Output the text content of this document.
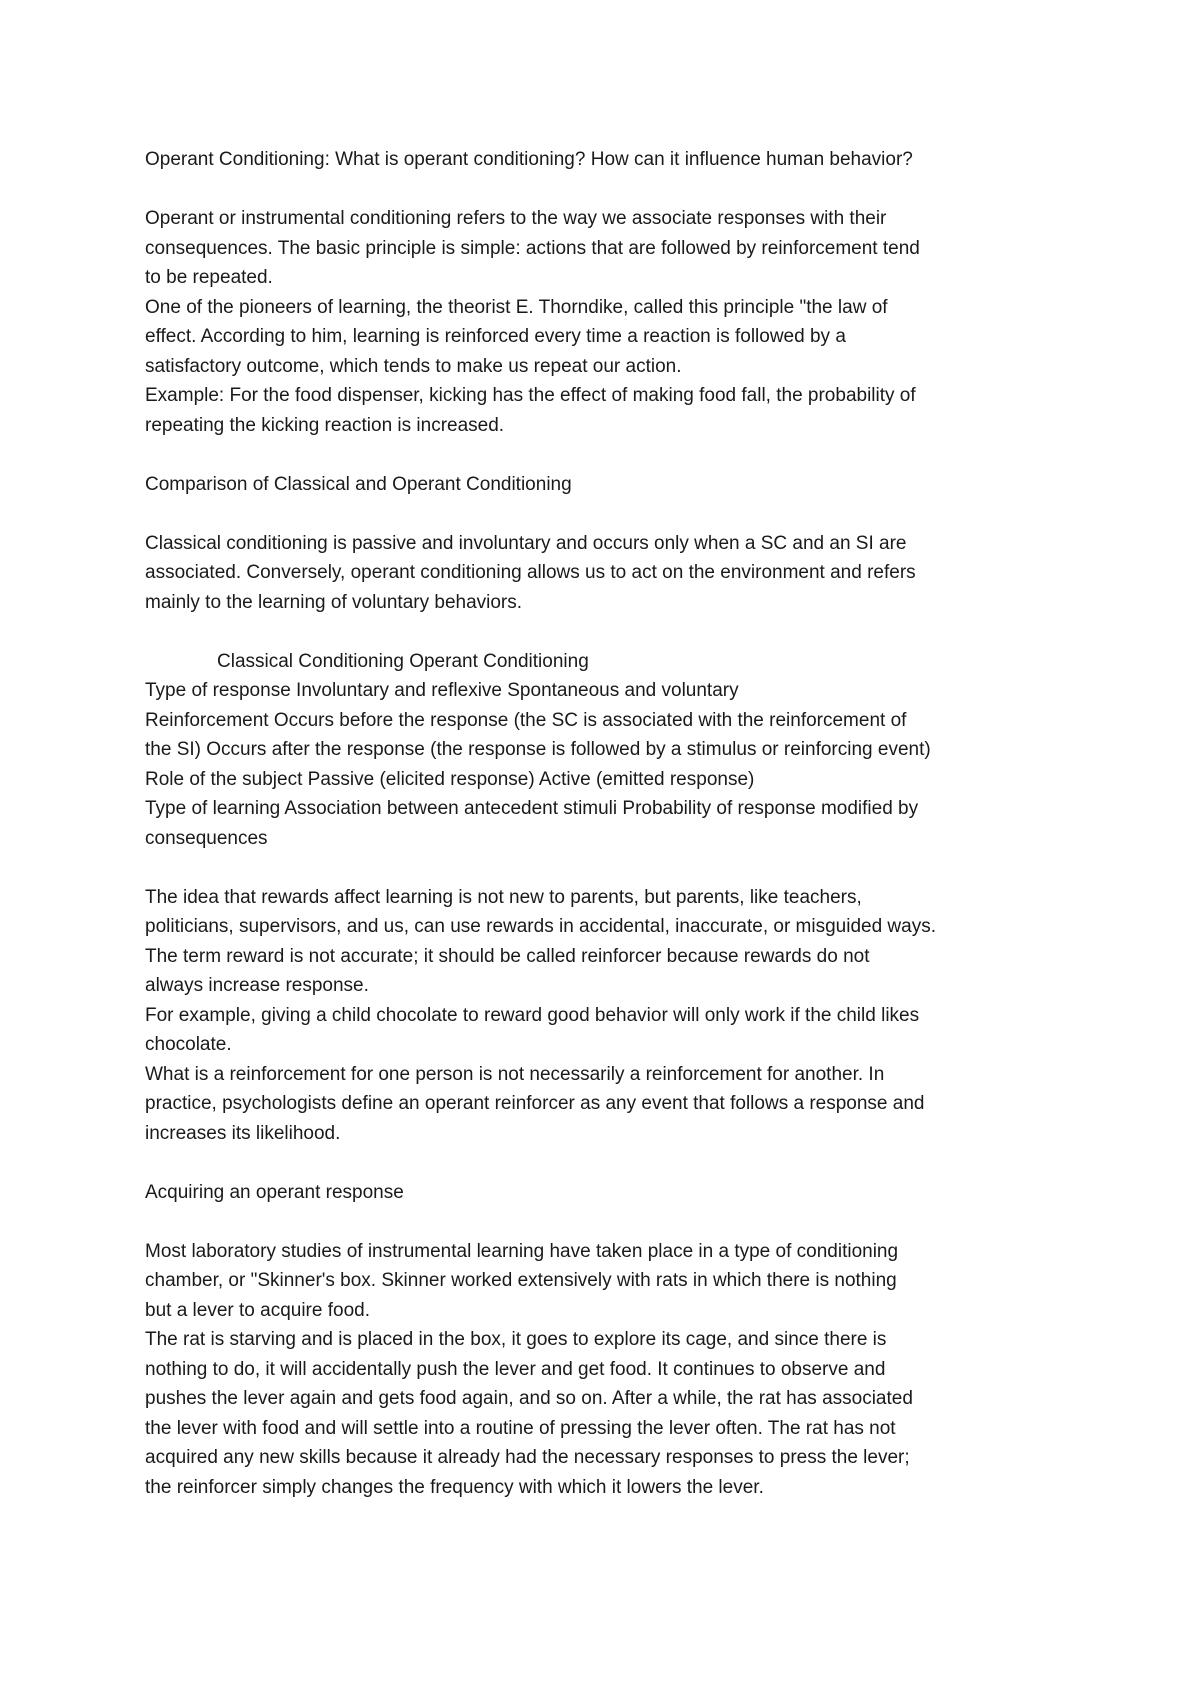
Operant Conditioning: What is operant conditioning? How can it influence human behavior?
Operant or instrumental conditioning refers to the way we associate responses with their
consequences. The basic principle is simple: actions that are followed by reinforcement tend
to be repeated.
One of the pioneers of learning, the theorist E. Thorndike, called this principle "the law of
effect. According to him, learning is reinforced every time a reaction is followed by a
satisfactory outcome, which tends to make us repeat our action.
Example: For the food dispenser, kicking has the effect of making food fall, the probability of
repeating the kicking reaction is increased.
Comparison of Classical and Operant Conditioning
Classical conditioning is passive and involuntary and occurs only when a SC and an SI are
associated. Conversely, operant conditioning allows us to act on the environment and refers
mainly to the learning of voluntary behaviors.
Classical Conditioning Operant Conditioning
Type of response Involuntary and reflexive Spontaneous and voluntary
Reinforcement Occurs before the response (the SC is associated with the reinforcement of
the SI) Occurs after the response (the response is followed by a stimulus or reinforcing event)
Role of the subject Passive (elicited response) Active (emitted response)
Type of learning Association between antecedent stimuli Probability of response modified by
consequences
The idea that rewards affect learning is not new to parents, but parents, like teachers,
politicians, supervisors, and us, can use rewards in accidental, inaccurate, or misguided ways.
The term reward is not accurate; it should be called reinforcer because rewards do not
always increase response.
For example, giving a child chocolate to reward good behavior will only work if the child likes
chocolate.
What is a reinforcement for one person is not necessarily a reinforcement for another. In
practice, psychologists define an operant reinforcer as any event that follows a response and
increases its likelihood.
Acquiring an operant response
Most laboratory studies of instrumental learning have taken place in a type of conditioning
chamber, or "Skinner's box. Skinner worked extensively with rats in which there is nothing
but a lever to acquire food.
The rat is starving and is placed in the box, it goes to explore its cage, and since there is
nothing to do, it will accidentally push the lever and get food. It continues to observe and
pushes the lever again and gets food again, and so on. After a while, the rat has associated
the lever with food and will settle into a routine of pressing the lever often. The rat has not
acquired any new skills because it already had the necessary responses to press the lever;
the reinforcer simply changes the frequency with which it lowers the lever.
